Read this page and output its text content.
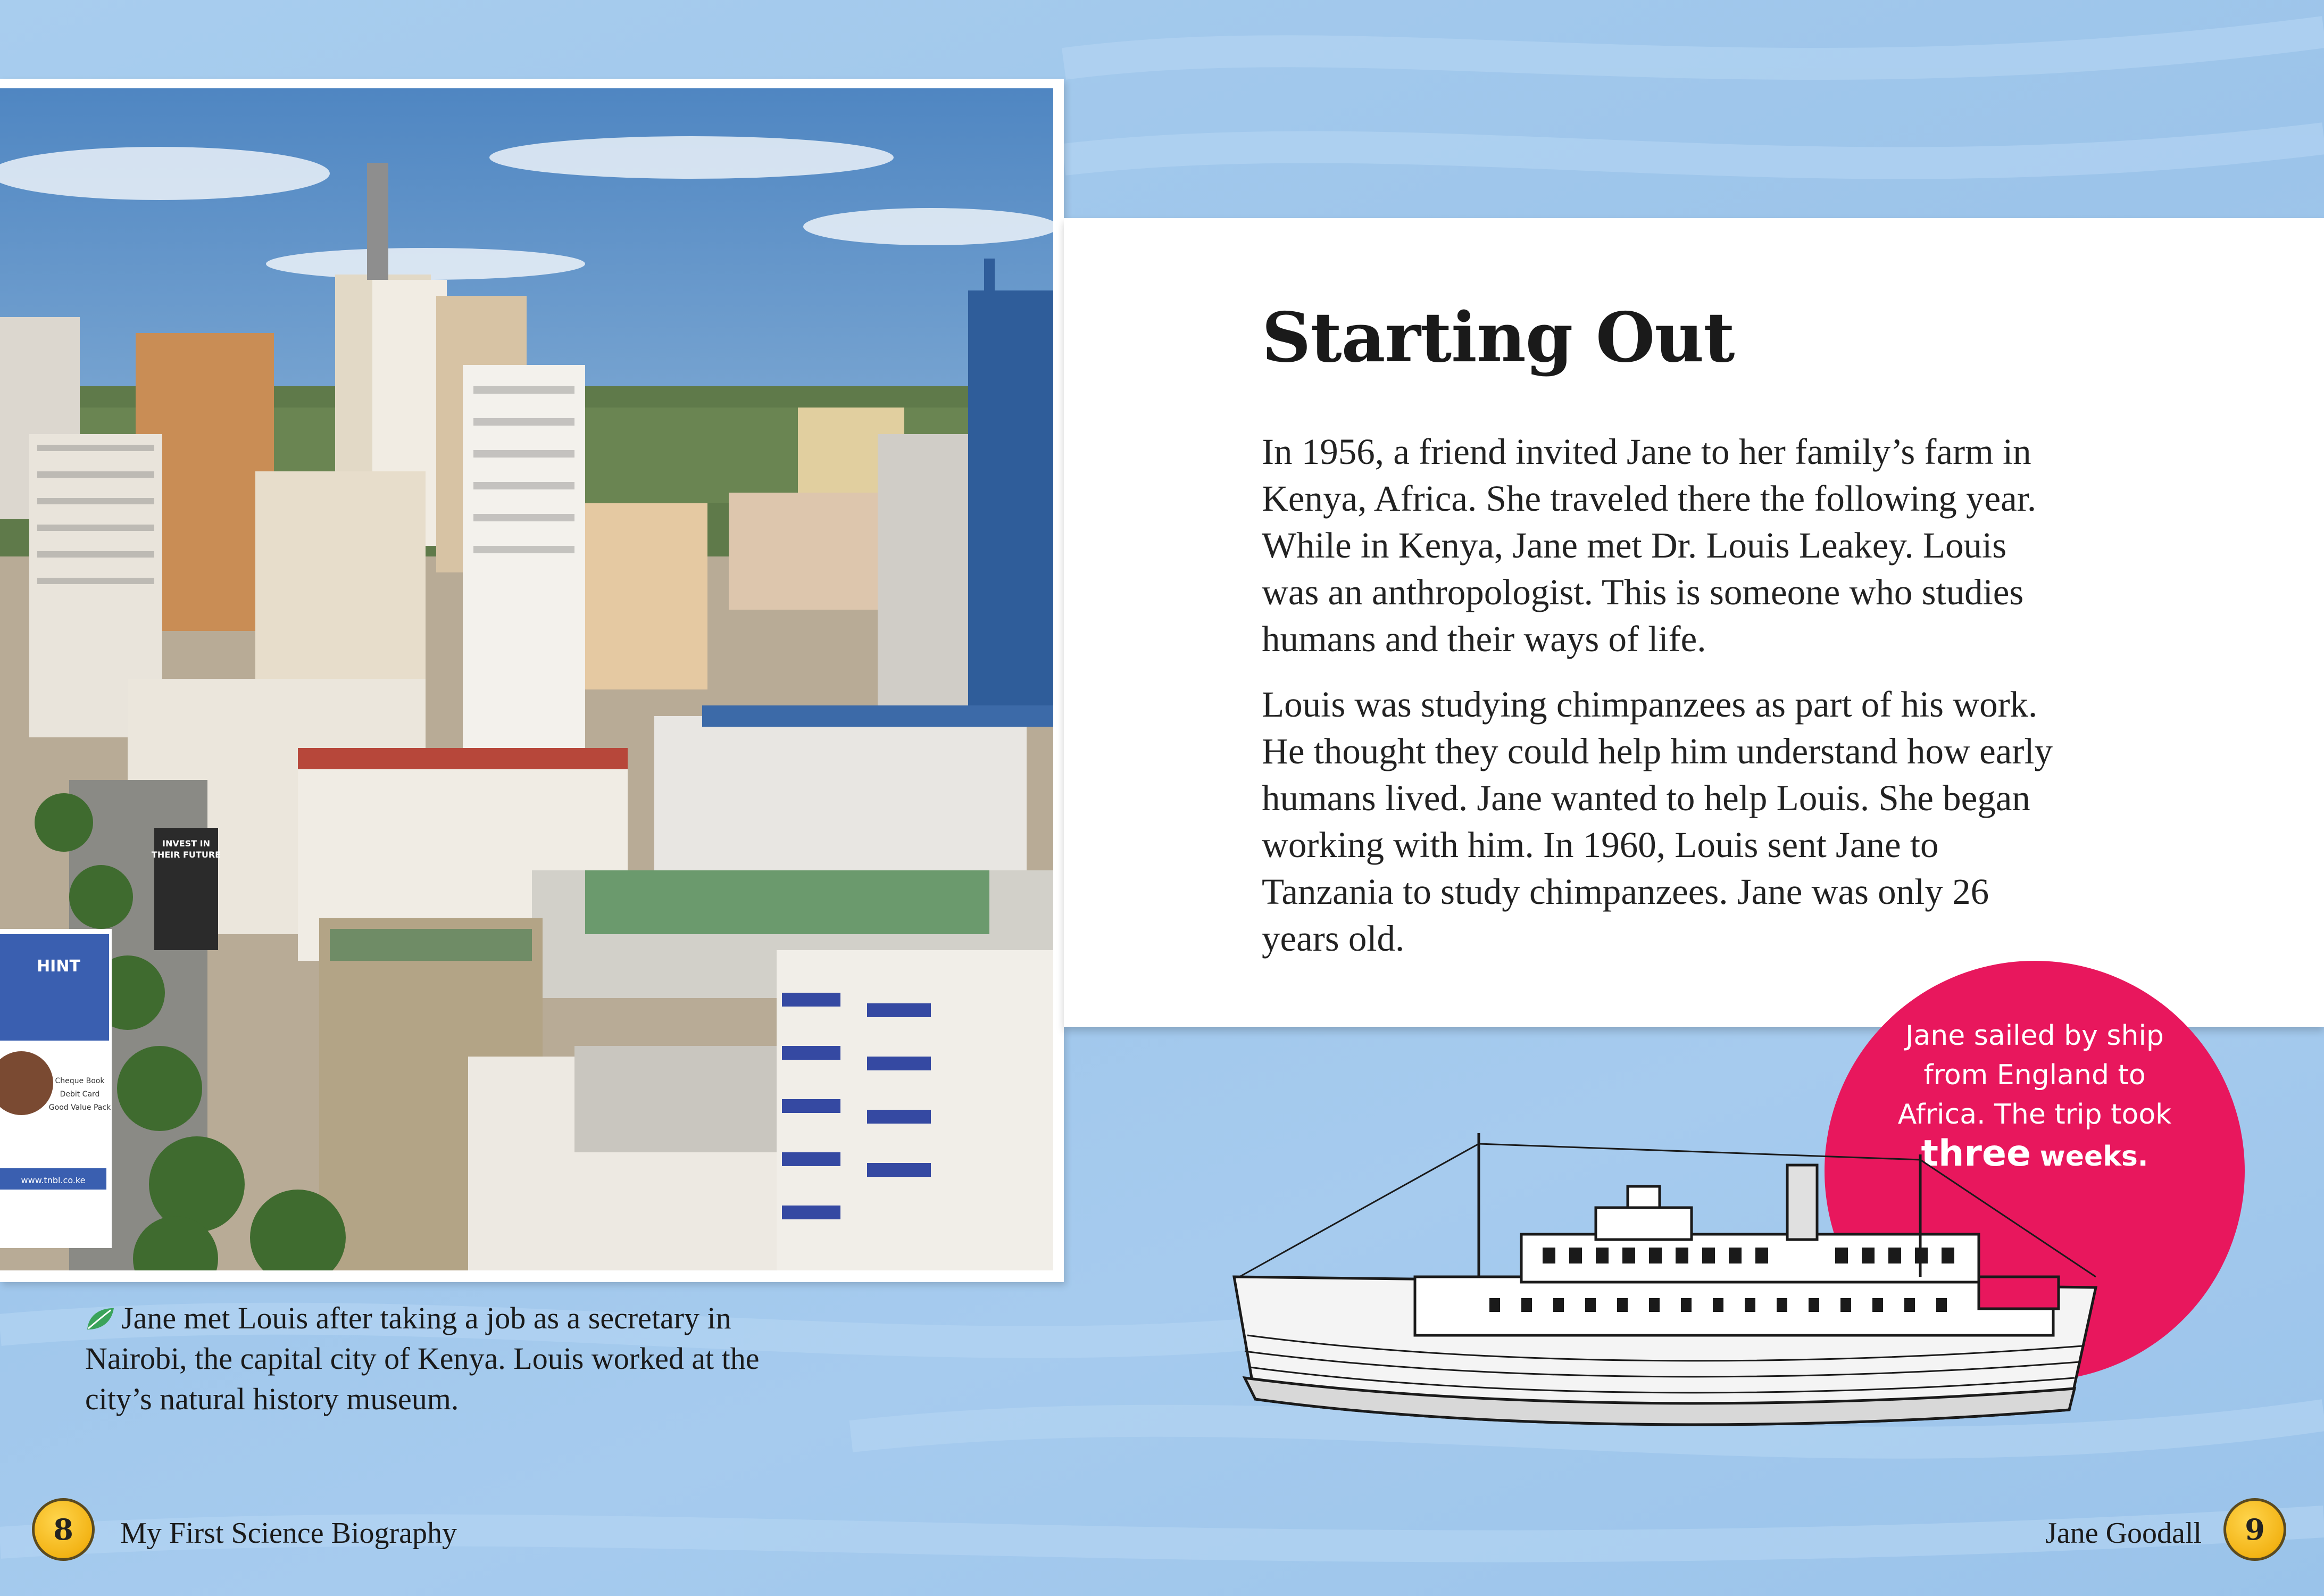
INVEST IN
THEIR FUTURE
HINT
Cheque Book
Debit Card
Good Value Pack
www.tnbl.co.ke
Starting Out

In 1956, a friend invited Jane to her family’s farm in Kenya, Africa. She traveled there the following year. While in Kenya, Jane met Dr. Louis Leakey. Louis was an anthropologist. This is someone who studies humans and their ways of life.

Louis was studying chimpanzees as part of his work. He thought they could help him understand how early humans lived. Jane wanted to help Louis. She began working with him. In 1960, Louis sent Jane to Tanzania to study chimpanzees. Jane was only 26 years old.

Jane met Louis after taking a job as a secretary in Nairobi, the capital city of Kenya. Louis worked at the city’s natural history museum.

Jane sailed by ship from England to Africa. The trip took three weeks.

8	My First Science Biography	Jane Goodall	9
